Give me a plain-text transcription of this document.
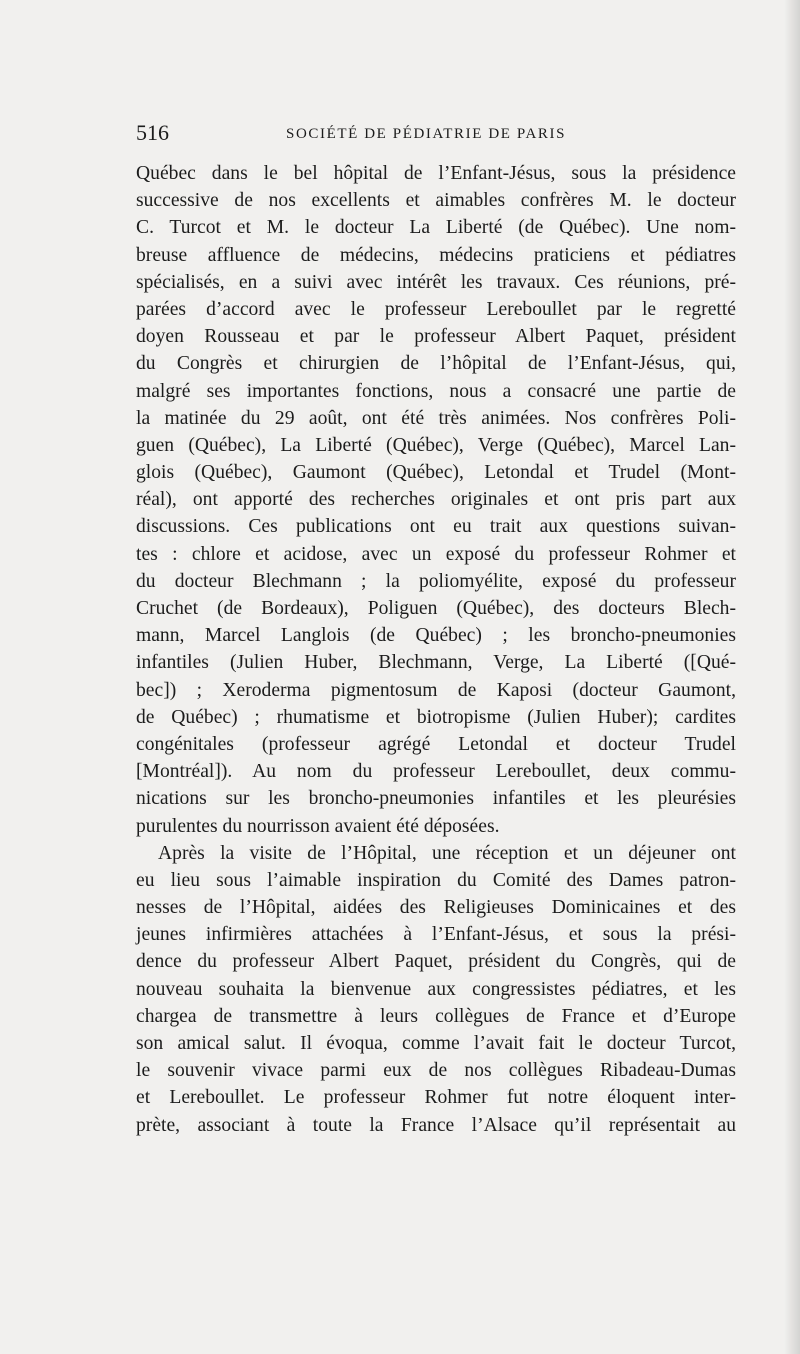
516	SOCIÉTÉ DE PÉDIATRIE DE PARIS
Québec dans le bel hôpital de l’Enfant-Jésus, sous la présidence
successive de nos excellents et aimables confrères M. le docteur
C. Turcot et M. le docteur La Liberté (de Québec). Une nom-
breuse affluence de médecins, médecins praticiens et pédiatres
spécialisés, en a suivi avec intérêt les travaux. Ces réunions, pré-
parées d’accord avec le professeur Lereboullet par le regretté
doyen Rousseau et par le professeur Albert Paquet, président
du Congrès et chirurgien de l’hôpital de l’Enfant-Jésus, qui,
malgré ses importantes fonctions, nous a consacré une partie de
la matinée du 29 août, ont été très animées. Nos confrères Poli-
guen (Québec), La Liberté (Québec), Verge (Québec), Marcel Lan-
glois (Québec), Gaumont (Québec), Letondal et Trudel (Mont-
réal), ont apporté des recherches originales et ont pris part aux
discussions. Ces publications ont eu trait aux questions suivan-
tes : chlore et acidose, avec un exposé du professeur Rohmer et
du docteur Blechmann ; la poliomyélite, exposé du professeur
Cruchet (de Bordeaux), Poliguen (Québec), des docteurs Blech-
mann, Marcel Langlois (de Québec) ; les broncho-pneumonies
infantiles (Julien Huber, Blechmann, Verge, La Liberté ([Qué-
bec]) ; Xeroderma pigmentosum de Kaposi (docteur Gaumont,
de Québec) ; rhumatisme et biotropisme (Julien Huber); cardites
congénitales (professeur agrégé Letondal et docteur Trudel
[Montréal]). Au nom du professeur Lereboullet, deux commu-
nications sur les broncho-pneumonies infantiles et les pleurésies
purulentes du nourrisson avaient été déposées.
Après la visite de l’Hôpital, une réception et un déjeuner ont
eu lieu sous l’aimable inspiration du Comité des Dames patron-
nesses de l’Hôpital, aidées des Religieuses Dominicaines et des
jeunes infirmières attachées à l’Enfant-Jésus, et sous la prési-
dence du professeur Albert Paquet, président du Congrès, qui de
nouveau souhaita la bienvenue aux congressistes pédiatres, et les
chargea de transmettre à leurs collègues de France et d’Europe
son amical salut. Il évoqua, comme l’avait fait le docteur Turcot,
le souvenir vivace parmi eux de nos collègues Ribadeau-Dumas
et Lereboullet. Le professeur Rohmer fut notre éloquent inter-
prète, associant à toute la France l’Alsace qu’il représentait au
